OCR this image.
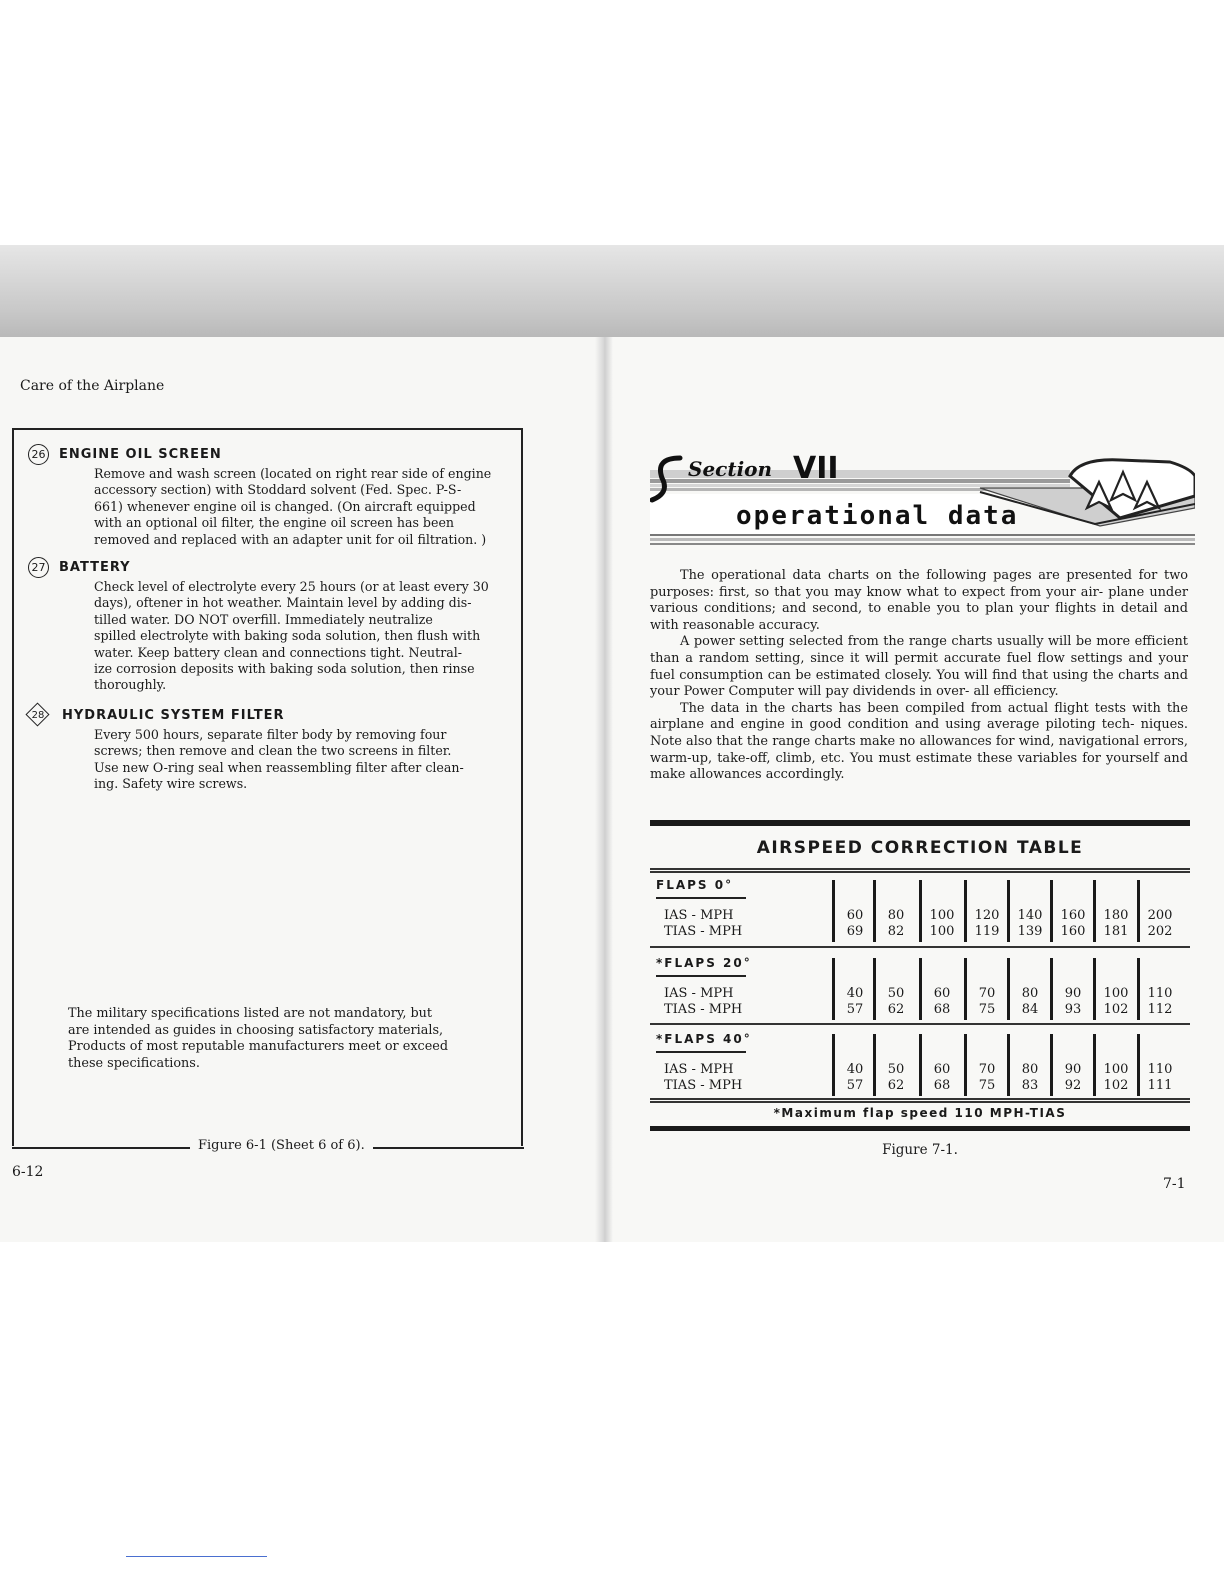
Care of the Airplane
26 ENGINE OIL SCREEN
Remove and wash screen (located on right rear side of engine
accessory section) with Stoddard solvent (Fed. Spec. P-S-
661) whenever engine oil is changed. (On aircraft equipped
with an optional oil filter, the engine oil screen has been
removed and replaced with an adapter unit for oil filtration. )
27 BATTERY
Check level of electrolyte every 25 hours (or at least every 30
days), oftener in hot weather. Maintain level by adding dis-
tilled water. DO NOT overfill. Immediately neutralize
spilled electrolyte with baking soda solution, then flush with
water. Keep battery clean and connections tight. Neutral-
ize corrosion deposits with baking soda solution, then rinse
thoroughly.
28	HYDRAULIC SYSTEM FILTER
Every 500 hours, separate filter body by removing four
screws; then remove and clean the two screens in filter.
Use new O-ring seal when reassembling filter after clean-
ing. Safety wire screws.
The military specifications listed are not mandatory, but
are intended as guides in choosing satisfactory materials,
Products of most reputable manufacturers meet or exceed
these specifications.
Figure 6-1 (Sheet 6 of 6).
6-12
Section VII
operational data

The operational data charts on the following pages are presented for two purposes: first, so that you may know what to expect from your air- plane under various conditions; and second, to enable you to plan your flights in detail and with reasonable accuracy.

A power setting selected from the range charts usually will be more efficient than a random setting, since it will permit accurate fuel flow settings and your fuel consumption can be estimated closely. You will find that using the charts and your Power Computer will pay dividends in over- all efficiency.

The data in the charts has been compiled from actual flight tests with the airplane and engine in good condition and using average piloting tech- niques. Note also that the range charts make no allowances for wind, navigational errors, warm-up, take-off, climb, etc. You must estimate these variables for yourself and make allowances accordingly.

AIRSPEED CORRECTION TABLE
*Maximum flap speed 110 MPH-TIAS
FLAPS 0°
IAS - MPH
TIAS - MPH
60
69
80
82
100
100
120
119
140
139
160
160
180
181
200
202
*FLAPS 20°
IAS - MPH
TIAS - MPH
40
57
50
62
60
68
70
75
80
84
90
93
100
102
110
112
*FLAPS 40°
IAS - MPH
TIAS - MPH
40
57
50
62
60
68
70
75
80
83
90
92
100
102
110
111
Figure 7-1.
7-1
